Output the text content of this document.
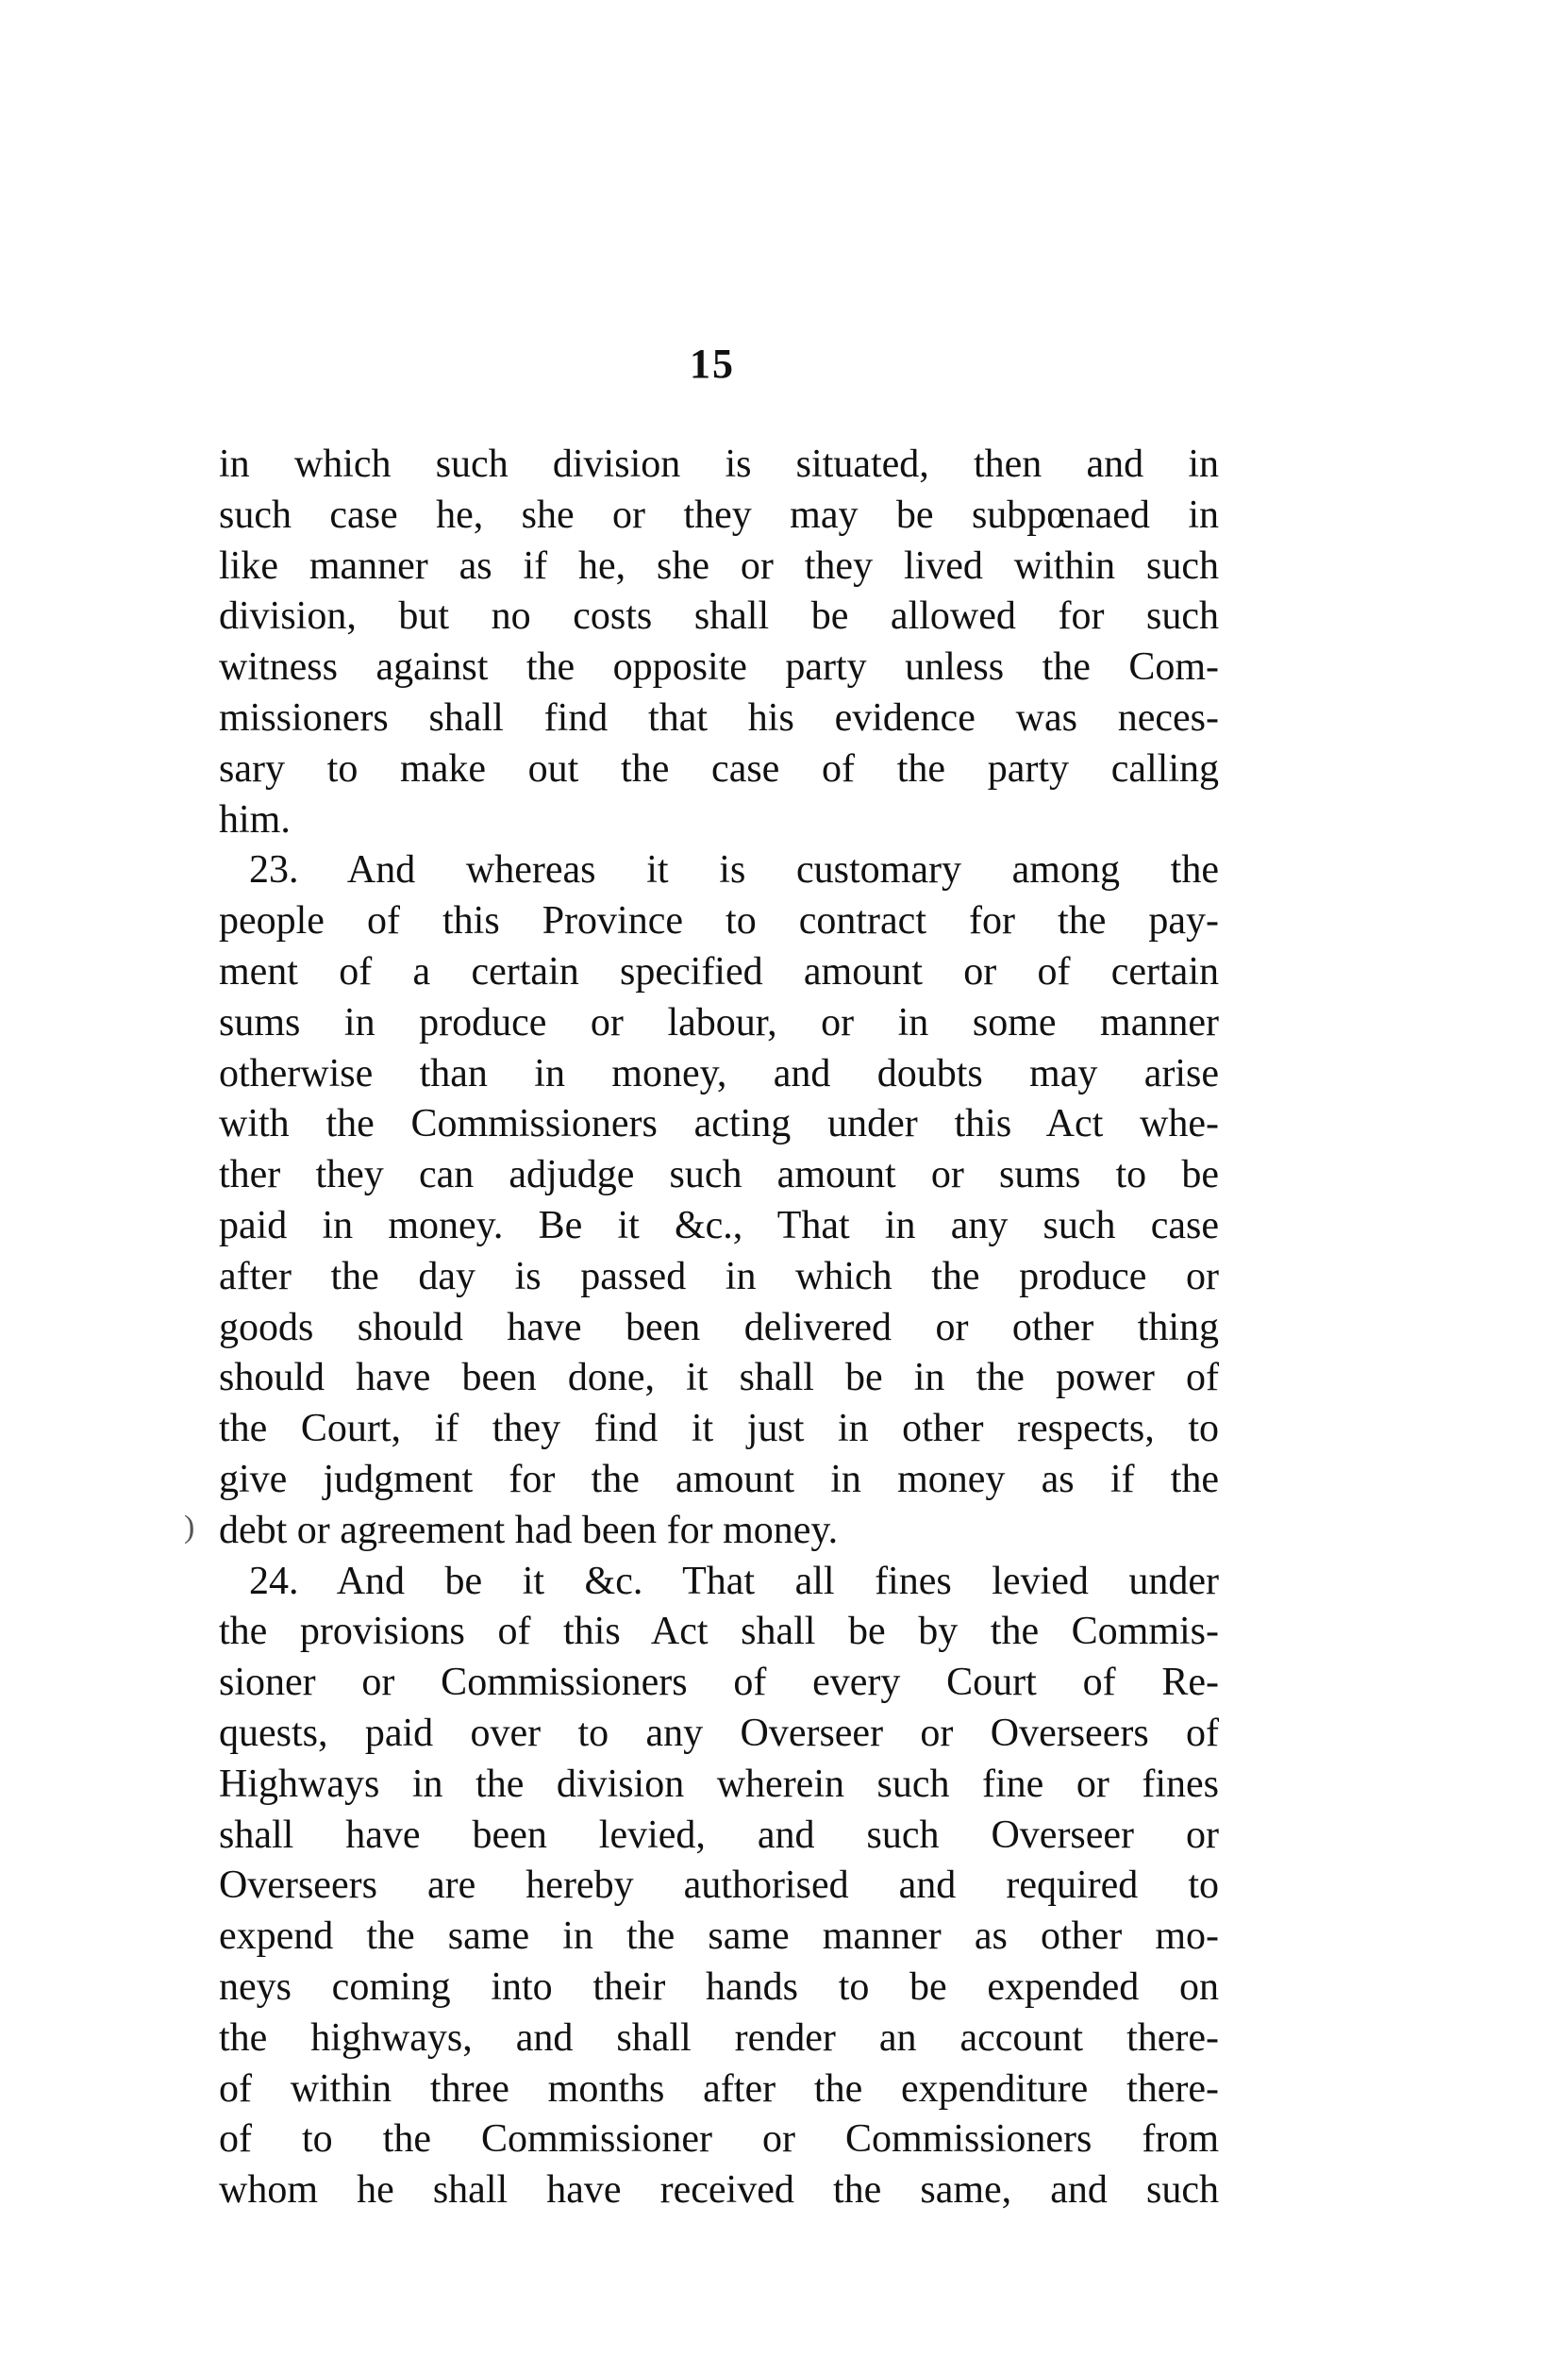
15
)
in which such division is situated, then and in
such case he, she or they may be subpœnaed in
like manner as if he, she or they lived within such
division, but no costs shall be allowed for such
witness against the opposite party unless the Com-
missioners shall find that his evidence was neces-
sary to make out the case of the party calling
him.
23. And whereas it is customary among the
people of this Province to contract for the pay-
ment of a certain specified amount or of certain
sums in produce or labour, or in some manner
otherwise than in money, and doubts may arise
with the Commissioners acting under this Act whe-
ther they can adjudge such amount or sums to be
paid in money. Be it &c., That in any such case
after the day is passed in which the produce or
goods should have been delivered or other thing
should have been done, it shall be in the power of
the Court, if they find it just in other respects, to
give judgment for the amount in money as if the
debt or agreement had been for money.
24. And be it &c. That all fines levied under
the provisions of this Act shall be by the Commis-
sioner or Commissioners of every Court of Re-
quests, paid over to any Overseer or Overseers of
Highways in the division wherein such fine or fines
shall have been levied, and such Overseer or
Overseers are hereby authorised and required to
expend the same in the same manner as other mo-
neys coming into their hands to be expended on
the highways, and shall render an account there-
of within three months after the expenditure there-
of to the Commissioner or Commissioners from
whom he shall have received the same, and such
